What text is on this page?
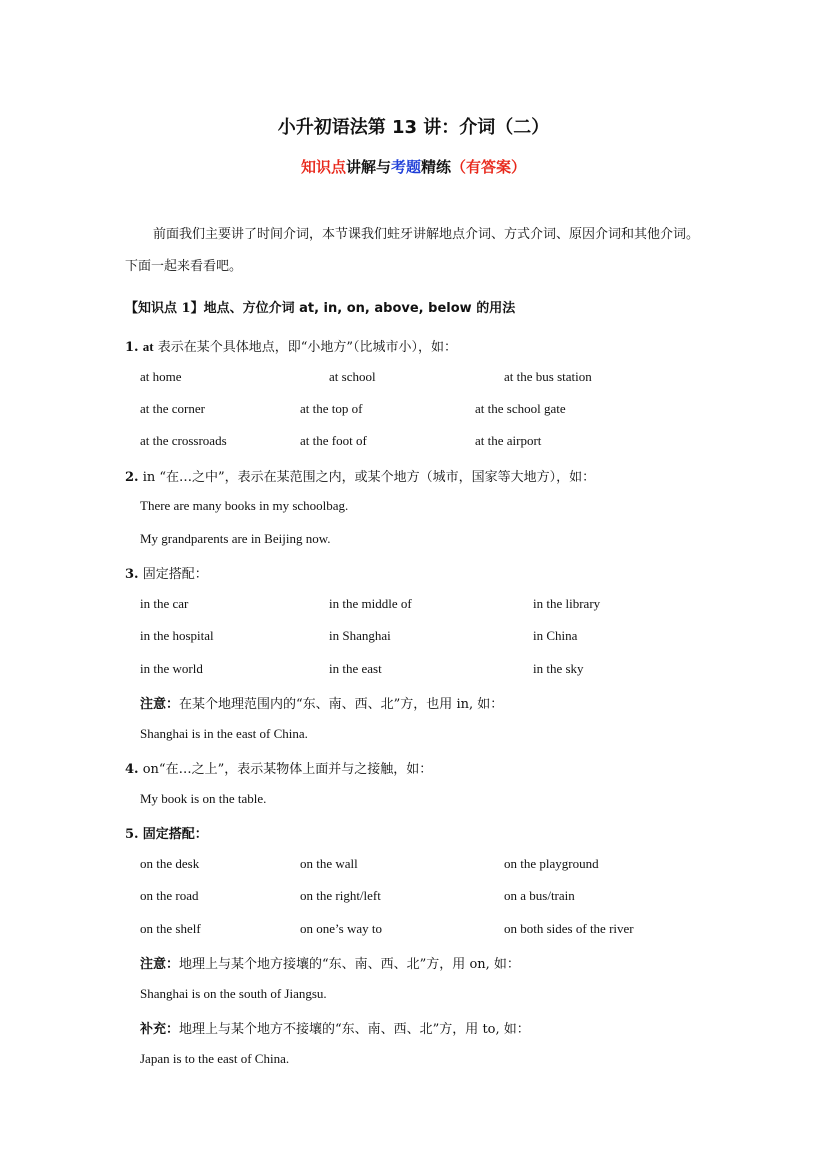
小升初语法第 13 讲：介词（二）
知识点讲解与考题精练（有答案）
前面我们主要讲了时间介词，本节课我们蛀牙讲解地点介词、方式介词、原因介词和其他介词。下面一起来看看吧。
【知识点 1】地点、方位介词 at, in, on, above, below 的用法
1. at 表示在某个具体地点，即“小地方”（比城市小），如：
at home	at school	at the bus station
at the corner	at the top of	at the school gate
at the crossroads	at the foot of	at the airport
2. in “在…之中”，表示在某范围之内，或某个地方（城市，国家等大地方），如：
There are many books in my schoolbag.
My grandparents are in Beijing now.
3. 固定搭配：
in the car	in the middle of	in the library
in the hospital	in Shanghai	in China
in the world	in the east	in the sky
注意：在某个地理范围内的“东、南、西、北”方，也用 in, 如：
Shanghai is in the east of China.
4. on“在…之上”，表示某物体上面并与之接触，如：
My book is on the table.
5. 固定搭配：
on the desk	on the wall	on the playground
on the road	on the right/left	on a bus/train
on the shelf	on one’s way to	on both sides of the river
注意：地理上与某个地方接壤的“东、南、西、北”方，用 on, 如：
Shanghai is on the south of Jiangsu.
补充：地理上与某个地方不接壤的“东、南、西、北”方，用 to, 如：
Japan is to the east of China.
